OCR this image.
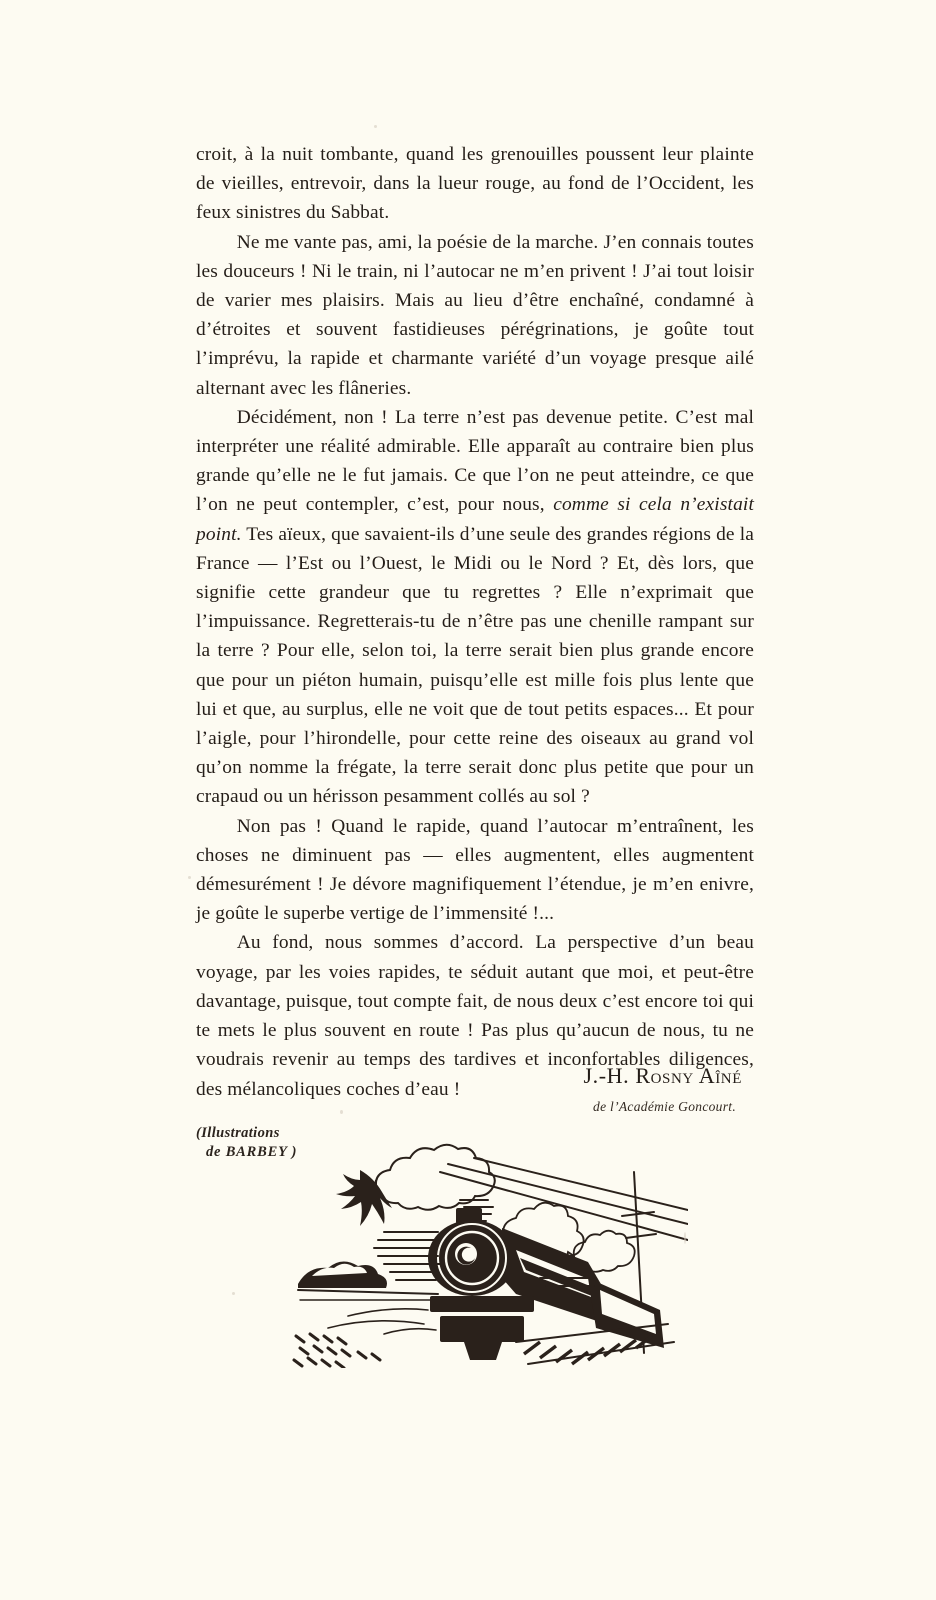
croit, à la nuit tombante, quand les grenouilles poussent leur plainte de vieilles, entrevoir, dans la lueur rouge, au fond de l’Occident, les feux sinistres du Sabbat.

Ne me vante pas, ami, la poésie de la marche. J’en connais toutes les douceurs ! Ni le train, ni l’autocar ne m’en privent ! J’ai tout loisir de varier mes plaisirs. Mais au lieu d’être enchaîné, condamné à d’étroites et souvent fastidieuses pérégrinations, je goûte tout l’imprévu, la rapide et charmante variété d’un voyage presque ailé alternant avec les flâneries.

Décidément, non ! La terre n’est pas devenue petite. C’est mal interpréter une réalité admirable. Elle apparaît au contraire bien plus grande qu’elle ne le fut jamais. Ce que l’on ne peut atteindre, ce que l’on ne peut contempler, c’est, pour nous, comme si cela n’existait point. Tes aïeux, que savaient-ils d’une seule des grandes régions de la France — l’Est ou l’Ouest, le Midi ou le Nord ? Et, dès lors, que signifie cette grandeur que tu regrettes ? Elle n’exprimait que l’impuissance. Regretterais-tu de n’être pas une chenille rampant sur la terre ? Pour elle, selon toi, la terre serait bien plus grande encore que pour un piéton humain, puisqu’elle est mille fois plus lente que lui et que, au surplus, elle ne voit que de tout petits espaces... Et pour l’aigle, pour l’hirondelle, pour cette reine des oiseaux au grand vol qu’on nomme la frégate, la terre serait donc plus petite que pour un crapaud ou un hérisson pesamment collés au sol ?

Non pas ! Quand le rapide, quand l’autocar m’entraînent, les choses ne diminuent pas — elles augmentent, elles augmentent démesurément ! Je dévore magnifiquement l’étendue, je m’en enivre, je goûte le superbe vertige de l’immensité !...

Au fond, nous sommes d’accord. La perspective d’un beau voyage, par les voies rapides, te séduit autant que moi, et peut-être davantage, puisque, tout compte fait, de nous deux c’est encore toi qui te mets le plus souvent en route ! Pas plus qu’aucun de nous, tu ne voudrais revenir au temps des tardives et inconfortables diligences, des mélancoliques coches d’eau !

J.-H. Rosny Aîné
de l’Académie Goncourt.
(Illustrations
de BARBEY )
